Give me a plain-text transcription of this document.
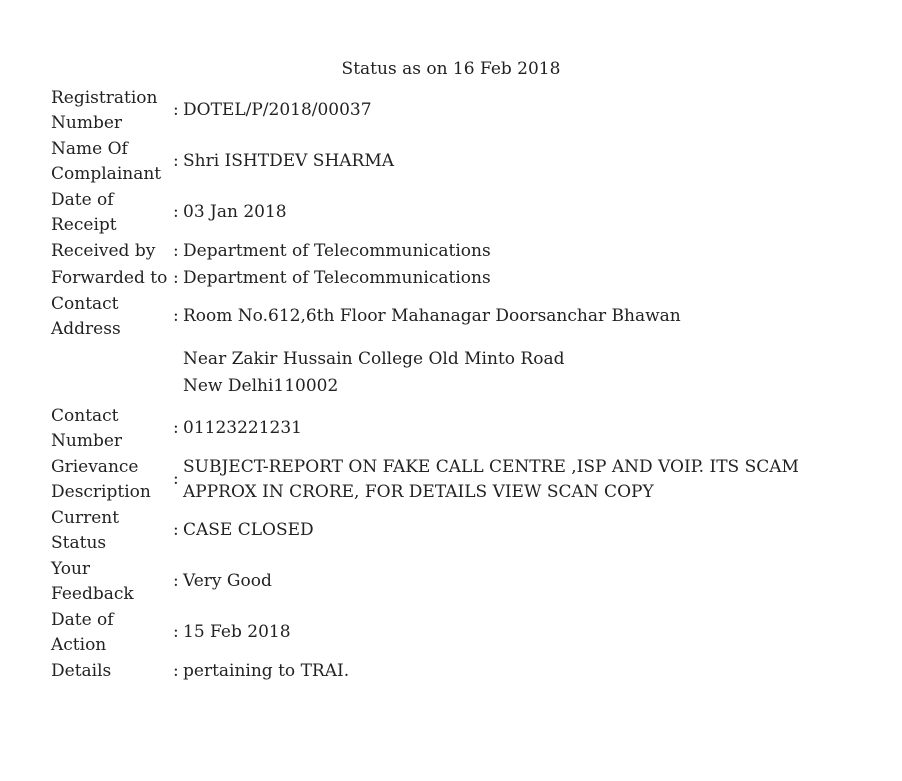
Status as on 16 Feb 2018
Registration Number	:	DOTEL/P/2018/00037
Name Of Complainant	:	Shri ISHTDEV SHARMA
Date of Receipt	:	03 Jan 2018
Received by	:	Department of Telecommunications
Forwarded to	:	Department of Telecommunications
Contact Address	:	Room No.612,6th Floor Mahanagar Doorsanchar Bhawan
		Near Zakir Hussain College Old Minto Road
		New Delhi110002
Contact Number	:	01123221231
Grievance Description	:	SUBJECT-REPORT ON FAKE CALL CENTRE ,ISP AND VOIP. ITS SCAM APPROX IN CRORE, FOR DETAILS VIEW SCAN COPY
Current Status	:	CASE CLOSED
Your Feedback	:	Very Good
Date of Action	:	15 Feb 2018
Details	:	pertaining to TRAI.
